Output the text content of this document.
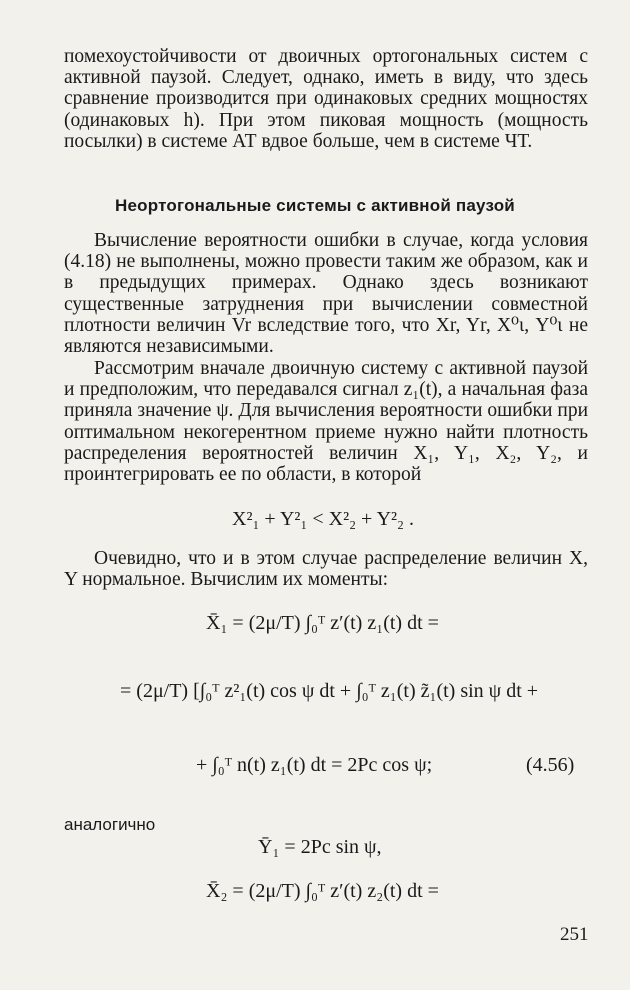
помехоустойчивости от двоичных ортогональных систем с активной паузой. Следует, однако, иметь в виду, что здесь сравнение производится при одинаковых средних мощностях (одинаковых h). При этом пиковая мощность (мощность посылки) в системе АТ вдвое больше, чем в системе ЧТ.

Неортогональные системы с активной паузой

Вычисление вероятности ошибки в случае, когда условия (4.18) не выполнены, можно провести таким же образом, как и в предыдущих примерах. Однако здесь возникают существенные затруднения при вычислении совместной плотности величин Vr вследствие того, что Xr, Yr, X⁰ι, Y⁰ι не являются независимыми.

Рассмотрим вначале двоичную систему с активной паузой и предположим, что передавался сигнал z₁(t), а начальная фаза приняла значение ψ. Для вычисления вероятности ошибки при оптимальном некогерентном приеме нужно найти плотность распределения вероятностей величин X₁, Y₁, X₂, Y₂, и проинтегрировать ее по области, в которой

X²₁ + Y²₁ < X²₂ + Y²₂ .

Очевидно, что и в этом случае распределение величин X, Y нормальное. Вычислим их моменты:

X̄₁ = (2μ/T) ∫₀ᵀ z′(t) z₁(t) dt =
= (2μ/T) [∫₀ᵀ z²₁(t) cos ψ dt + ∫₀ᵀ z₁(t) z̃₁(t) sin ψ dt +
+ ∫₀ᵀ n(t) z₁(t) dt = 2Pc cos ψ;	(4.56)

аналогично

Ȳ₁ = 2Pc sin ψ,
X̄₂ = (2μ/T) ∫₀ᵀ z′(t) z₂(t) dt =
251
